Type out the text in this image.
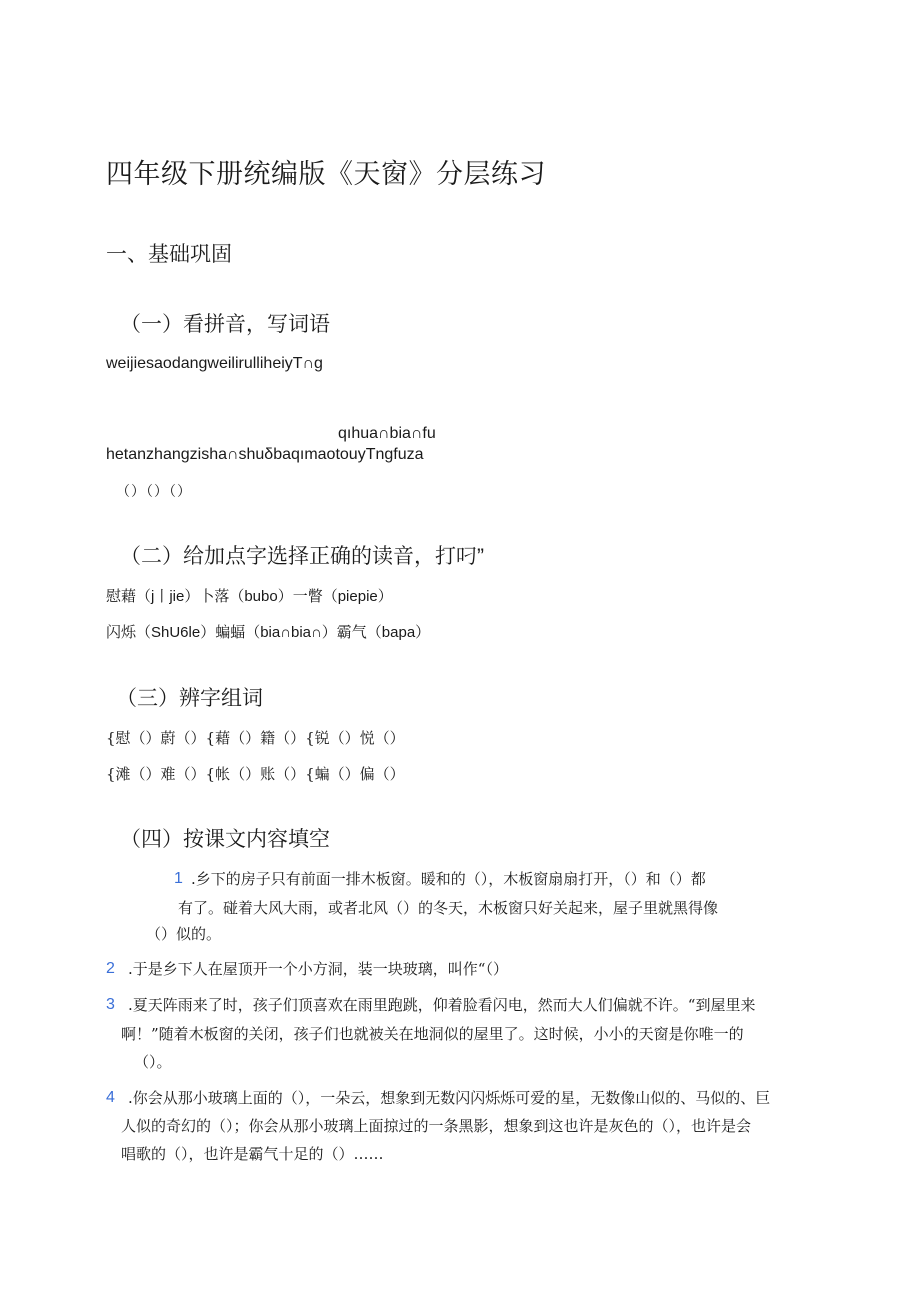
四年级下册统编版《天窗》分层练习
一、基础巩固
（一）看拼音，写词语
weijiesaodangweilirulliheiyT∩g
qıhua∩bia∩fu
hetanzhangzisha∩shuδbaqımaotouyTngfuza
（）（）（）
（二）给加点字选择正确的读音，打叼”
慰藉（j丨jie）卜落（bubo）一瞥（piepie）
闪烁（ShU6le）蝙蝠（bia∩bia∩）霸气（bapa）
（三）辨字组词
{慰（）蔚（）{藉（）籍（）{锐（）悦（）
{滩（）难（）{帐（）账（）{蝙（）偏（）
（四）按课文内容填空
1 .乡下的房子只有前面一排木板窗。暖和的（），木板窗扇扇打开，（）和（）都
有了。碰着大风大雨，或者北风（）的冬天，木板窗只好关起来，屋子里就黑得像
（）似的。
2 .于是乡下人在屋顶开一个小方洞，装一块玻璃，叫作“（）
3 .夏天阵雨来了时，孩子们顶喜欢在雨里跑跳，仰着脸看闪电，然而大人们偏就不许。“到屋里来
啊！”随着木板窗的关闭，孩子们也就被关在地洞似的屋里了。这时候，小小的天窗是你唯一的
（）。
4 .你会从那小玻璃上面的（），一朵云，想象到无数闪闪烁烁可爱的星，无数像山似的、马似的、巨
人似的奇幻的（）；你会从那小玻璃上面掠过的一条黑影，想象到这也许是灰色的（），也许是会
唱歌的（），也许是霸气十足的（）……
